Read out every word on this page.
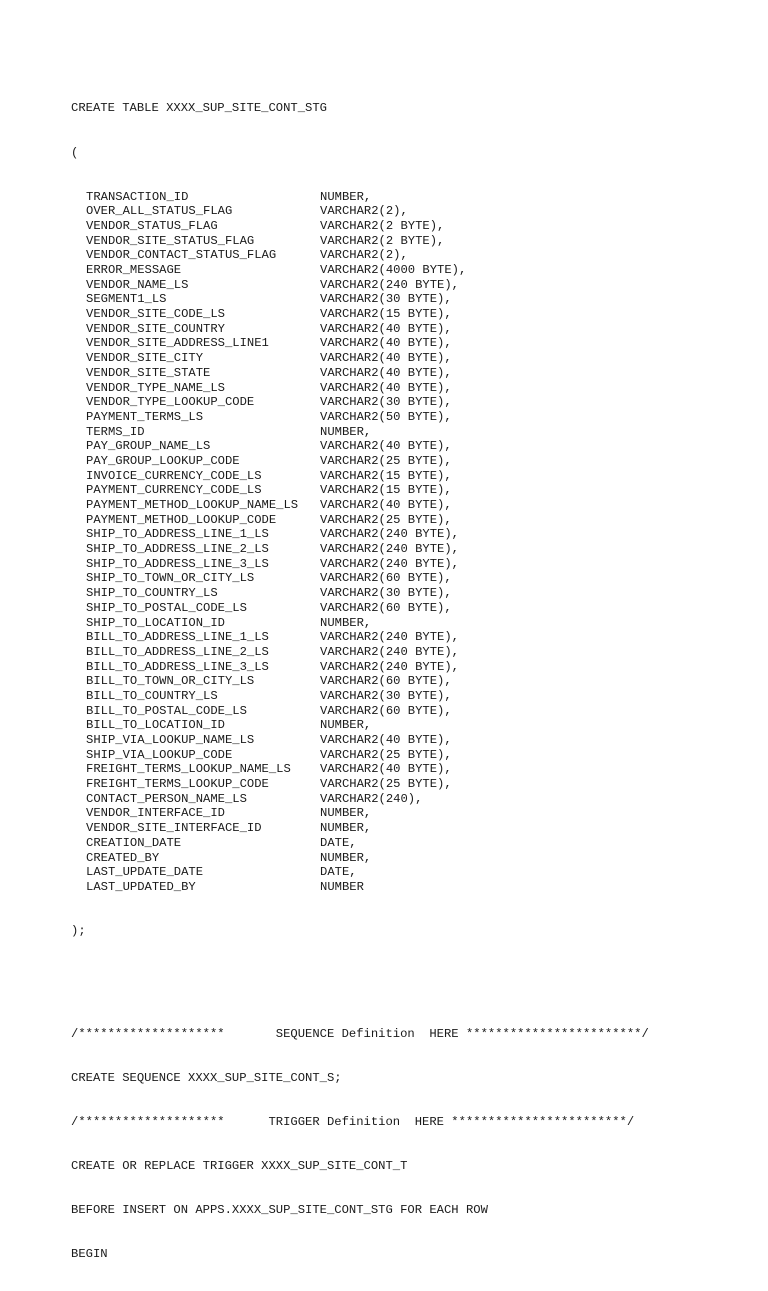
CREATE TABLE XXXX_SUP_SITE_CONT_STG

(

TRANSACTION_ID	NUMBER,
OVER_ALL_STATUS_FLAG	VARCHAR2(2),
VENDOR_STATUS_FLAG	VARCHAR2(2 BYTE),
VENDOR_SITE_STATUS_FLAG	VARCHAR2(2 BYTE),
VENDOR_CONTACT_STATUS_FLAG	VARCHAR2(2),
ERROR_MESSAGE	VARCHAR2(4000 BYTE),
VENDOR_NAME_LS	VARCHAR2(240 BYTE),
SEGMENT1_LS	VARCHAR2(30 BYTE),
VENDOR_SITE_CODE_LS	VARCHAR2(15 BYTE),
VENDOR_SITE_COUNTRY	VARCHAR2(40 BYTE),
VENDOR_SITE_ADDRESS_LINE1	VARCHAR2(40 BYTE),
VENDOR_SITE_CITY	VARCHAR2(40 BYTE),
VENDOR_SITE_STATE	VARCHAR2(40 BYTE),
VENDOR_TYPE_NAME_LS	VARCHAR2(40 BYTE),
VENDOR_TYPE_LOOKUP_CODE	VARCHAR2(30 BYTE),
PAYMENT_TERMS_LS	VARCHAR2(50 BYTE),
TERMS_ID	NUMBER,
PAY_GROUP_NAME_LS	VARCHAR2(40 BYTE),
PAY_GROUP_LOOKUP_CODE	VARCHAR2(25 BYTE),
INVOICE_CURRENCY_CODE_LS	VARCHAR2(15 BYTE),
PAYMENT_CURRENCY_CODE_LS	VARCHAR2(15 BYTE),
PAYMENT_METHOD_LOOKUP_NAME_LS VARCHAR2(40 BYTE),
PAYMENT_METHOD_LOOKUP_CODE	VARCHAR2(25 BYTE),
SHIP_TO_ADDRESS_LINE_1_LS	VARCHAR2(240 BYTE),
SHIP_TO_ADDRESS_LINE_2_LS	VARCHAR2(240 BYTE),
SHIP_TO_ADDRESS_LINE_3_LS	VARCHAR2(240 BYTE),
SHIP_TO_TOWN_OR_CITY_LS	VARCHAR2(60 BYTE),
SHIP_TO_COUNTRY_LS	VARCHAR2(30 BYTE),
SHIP_TO_POSTAL_CODE_LS	VARCHAR2(60 BYTE),
SHIP_TO_LOCATION_ID	NUMBER,
BILL_TO_ADDRESS_LINE_1_LS	VARCHAR2(240 BYTE),
BILL_TO_ADDRESS_LINE_2_LS	VARCHAR2(240 BYTE),
BILL_TO_ADDRESS_LINE_3_LS	VARCHAR2(240 BYTE),
BILL_TO_TOWN_OR_CITY_LS	VARCHAR2(60 BYTE),
BILL_TO_COUNTRY_LS	VARCHAR2(30 BYTE),
BILL_TO_POSTAL_CODE_LS	VARCHAR2(60 BYTE),
BILL_TO_LOCATION_ID	NUMBER,
SHIP_VIA_LOOKUP_NAME_LS	VARCHAR2(40 BYTE),
SHIP_VIA_LOOKUP_CODE	VARCHAR2(25 BYTE),
FREIGHT_TERMS_LOOKUP_NAME_LS VARCHAR2(40 BYTE),
FREIGHT_TERMS_LOOKUP_CODE	VARCHAR2(25 BYTE),
CONTACT_PERSON_NAME_LS	VARCHAR2(240),
VENDOR_INTERFACE_ID	NUMBER,
VENDOR_SITE_INTERFACE_ID	NUMBER,
CREATION_DATE	DATE,
CREATED_BY	NUMBER,
LAST_UPDATE_DATE	DATE,
LAST_UPDATED_BY	NUMBER

);

/********************       SEQUENCE Definition  HERE ************************/

CREATE SEQUENCE XXXX_SUP_SITE_CONT_S;

/********************      TRIGGER Definition  HERE ************************/

CREATE OR REPLACE TRIGGER XXXX_SUP_SITE_CONT_T

BEFORE INSERT ON APPS.XXXX_SUP_SITE_CONT_STG FOR EACH ROW

BEGIN
